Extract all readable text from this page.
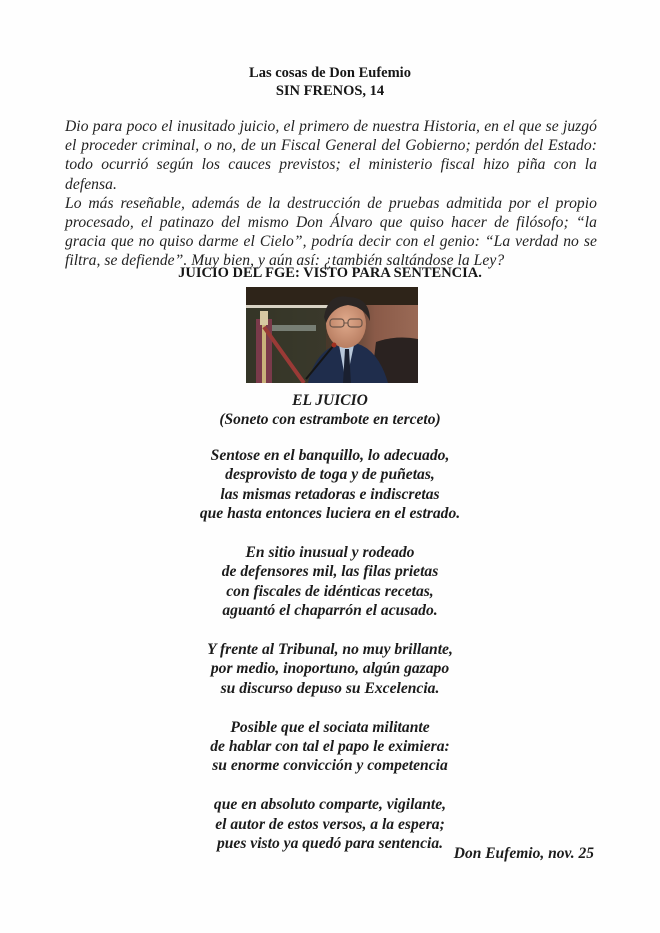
Las cosas de Don Eufemio
SIN FRENOS, 14

Dio para poco el inusitado juicio, el primero de nuestra Historia, en el que se juzgó el proceder criminal, o no, de un Fiscal General del Gobierno; perdón del Estado: todo ocurrió según los cauces previstos; el ministerio fiscal hizo piña con la defensa.

Lo más reseñable, además de la destrucción de pruebas admitida por el propio procesado, el patinazo del mismo Don Álvaro que quiso hacer de filósofo; “la gracia que no quiso darme el Cielo”, podría decir con el genio: “La verdad no se filtra, se defiende”. Muy bien, y aún así: ¿también saltándose la Ley?

JUICIO DEL FGE: VISTO PARA SENTENCIA.
EL JUICIO
(Soneto con estrambote en terceto)
Sentose en el banquillo, lo adecuado,
desprovisto de toga y de puñetas,
las mismas retadoras e indiscretas
que hasta entonces luciera en el estrado.
En sitio inusual y rodeado
de defensores mil, las filas prietas
con fiscales de idénticas recetas,
aguantó el chaparrón el acusado.
Y frente al Tribunal, no muy brillante,
por medio, inoportuno, algún gazapo
su discurso depuso su Excelencia.
Posible que el sociata militante
de hablar con tal el papo le eximiera:
su enorme convicción y competencia
que en absoluto comparte, vigilante,
el autor de estos versos, a la espera;
pues visto ya quedó para sentencia.
Don Eufemio, nov. 25
